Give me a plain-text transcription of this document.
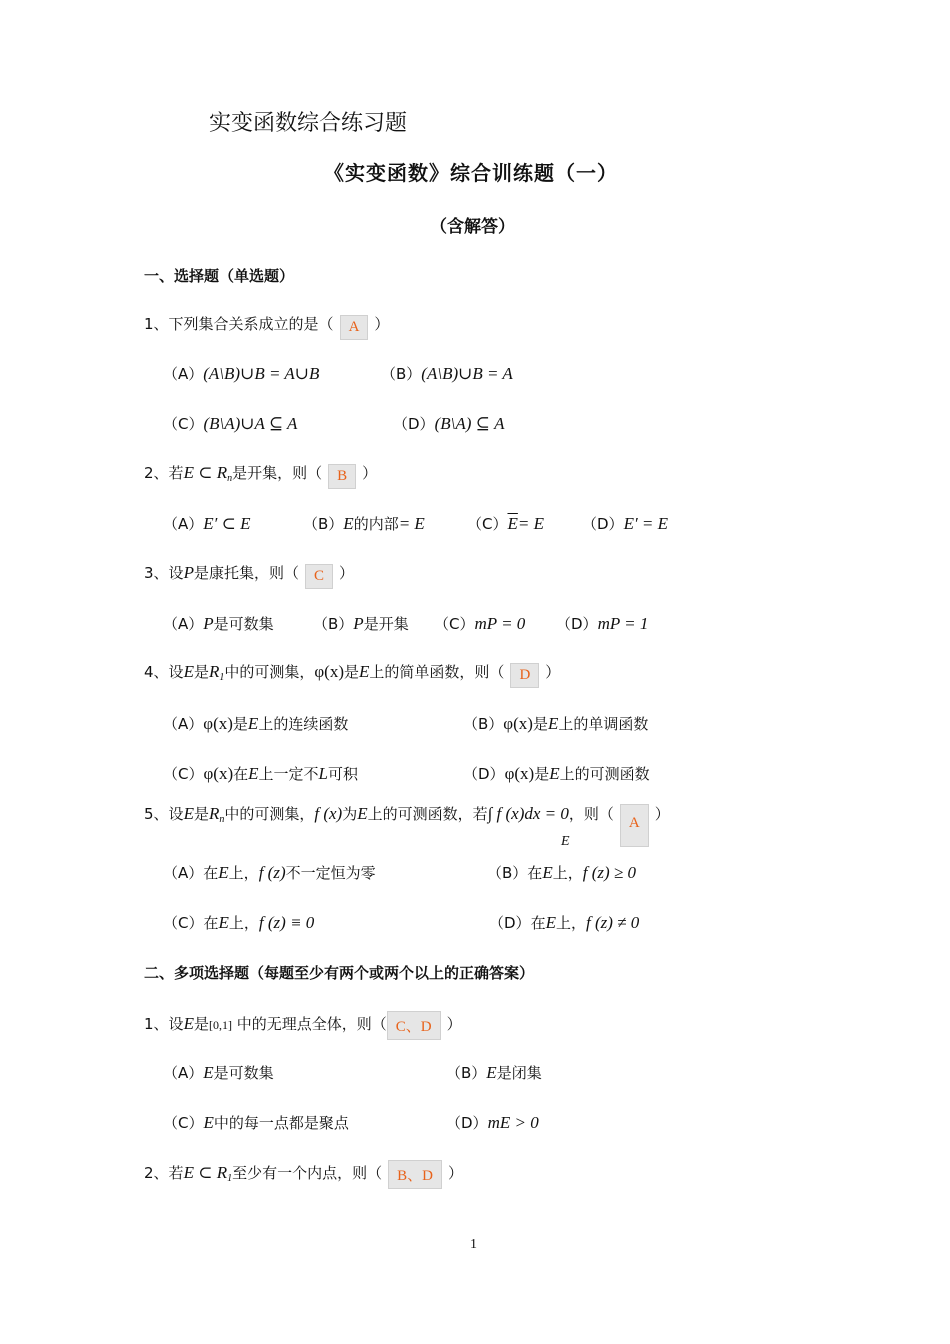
实变函数综合练习题
《实变函数》综合训练题（一）
（含解答）
一、选择题（单选题）
1、下列集合关系成立的是（ A ）
（A）(A\B)∪B = A∪B	（B）(A\B)∪B = A
（C）(B\A)∪A ⊆ A	（D）(B\A) ⊆ A
2、若E ⊂ $R_n$是开集，则（ B ）
（A）E′ ⊂ E	（B）E的内部= E	$(C)\overline{E}= E$	（D）E′ = E
3、设P是康托集，则（ C ）
（A）P是可数集	（B）P是开集 （C）mP = 0 （D）mP = 1
4、设E是$R_1$中的可测集，φ(x)是E上的简单函数，则（ D ）
（A）φ(x)是E上的连续函数	（B）φ(x)是E上的单调函数
（C）φ(x)在E上一定不L可积	（D）φ(x)是E上的可测函数
5、设E是$R_n$中的可测集，f (x)为E上的可测函数，若∫ f (x)dx = 0，则（ A ）
E
（A）在E上，f (z)不一定恒为零	（B）在E上，f (z) ≥ 0
（C）在E上，f (z) ≡ 0	（D）在E上，f (z) ≠ 0
二、多项选择题（每题至少有两个或两个以上的正确答案）
1、设E是[0,1] 中的无理点全体，则（ C、D ）
（A）E是可数集	（B）E是闭集
（C）E中的每一点都是聚点	（D）mE > 0
2、若E ⊂ $R_1$至少有一个内点，则（ B、D ）
1
